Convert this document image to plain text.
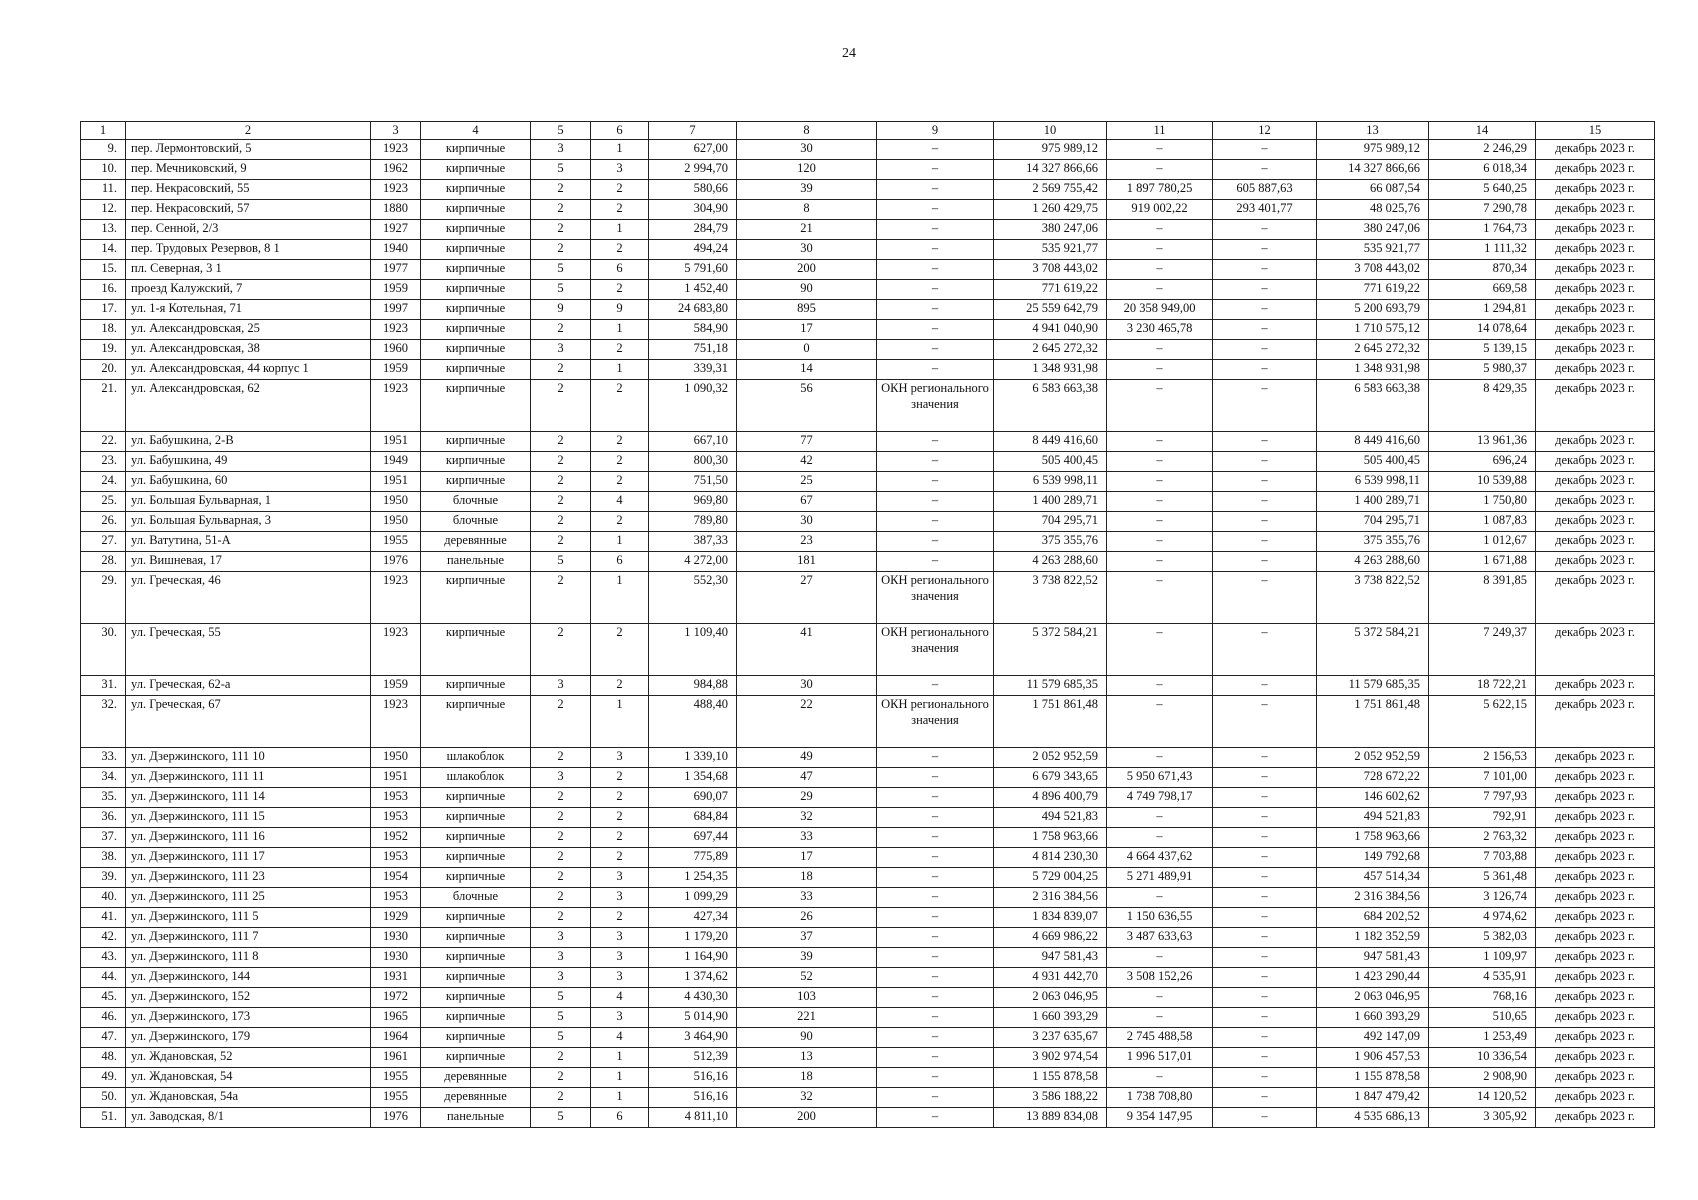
24
1	2	3	4	5	6	7	8	9	10	11	12	13	14	15
9.	пер. Лермонтовский, 5	1923	кирпичные	3	1	627,00	30	–	975 989,12	–	–	975 989,12	2 246,29	декабрь 2023 г.
10.	пер. Мечниковский, 9	1962	кирпичные	5	3	2 994,70	120	–	14 327 866,66	–	–	14 327 866,66	6 018,34	декабрь 2023 г.
11.	пер. Некрасовский, 55	1923	кирпичные	2	2	580,66	39	–	2 569 755,42	1 897 780,25	605 887,63	66 087,54	5 640,25	декабрь 2023 г.
12.	пер. Некрасовский, 57	1880	кирпичные	2	2	304,90	8	–	1 260 429,75	919 002,22	293 401,77	48 025,76	7 290,78	декабрь 2023 г.
13.	пер. Сенной, 2/3	1927	кирпичные	2	1	284,79	21	–	380 247,06	–	–	380 247,06	1 764,73	декабрь 2023 г.
14.	пер. Трудовых Резервов, 8 1	1940	кирпичные	2	2	494,24	30	–	535 921,77	–	–	535 921,77	1 111,32	декабрь 2023 г.
15.	пл. Северная, 3 1	1977	кирпичные	5	6	5 791,60	200	–	3 708 443,02	–	–	3 708 443,02	870,34	декабрь 2023 г.
16.	проезд Калужский, 7	1959	кирпичные	5	2	1 452,40	90	–	771 619,22	–	–	771 619,22	669,58	декабрь 2023 г.
17.	ул. 1-я Котельная, 71	1997	кирпичные	9	9	24 683,80	895	–	25 559 642,79	20 358 949,00	–	5 200 693,79	1 294,81	декабрь 2023 г.
18.	ул. Александровская, 25	1923	кирпичные	2	1	584,90	17	–	4 941 040,90	3 230 465,78	–	1 710 575,12	14 078,64	декабрь 2023 г.
19.	ул. Александровская, 38	1960	кирпичные	3	2	751,18	0	–	2 645 272,32	–	–	2 645 272,32	5 139,15	декабрь 2023 г.
20.	ул. Александровская, 44 корпус 1	1959	кирпичные	2	1	339,31	14	–	1 348 931,98	–	–	1 348 931,98	5 980,37	декабрь 2023 г.
21.	ул. Александровская, 62	1923	кирпичные	2	2	1 090,32	56	ОКН регионального значения	6 583 663,38	–	–	6 583 663,38	8 429,35	декабрь 2023 г.
22.	ул. Бабушкина, 2-В	1951	кирпичные	2	2	667,10	77	–	8 449 416,60	–	–	8 449 416,60	13 961,36	декабрь 2023 г.
23.	ул. Бабушкина, 49	1949	кирпичные	2	2	800,30	42	–	505 400,45	–	–	505 400,45	696,24	декабрь 2023 г.
24.	ул. Бабушкина, 60	1951	кирпичные	2	2	751,50	25	–	6 539 998,11	–	–	6 539 998,11	10 539,88	декабрь 2023 г.
25.	ул. Большая Бульварная, 1	1950	блочные	2	4	969,80	67	–	1 400 289,71	–	–	1 400 289,71	1 750,80	декабрь 2023 г.
26.	ул. Большая Бульварная, 3	1950	блочные	2	2	789,80	30	–	704 295,71	–	–	704 295,71	1 087,83	декабрь 2023 г.
27.	ул. Ватутина, 51-А	1955	деревянные	2	1	387,33	23	–	375 355,76	–	–	375 355,76	1 012,67	декабрь 2023 г.
28.	ул. Вишневая, 17	1976	панельные	5	6	4 272,00	181	–	4 263 288,60	–	–	4 263 288,60	1 671,88	декабрь 2023 г.
29.	ул. Греческая, 46	1923	кирпичные	2	1	552,30	27	ОКН регионального значения	3 738 822,52	–	–	3 738 822,52	8 391,85	декабрь 2023 г.
30.	ул. Греческая, 55	1923	кирпичные	2	2	1 109,40	41	ОКН регионального значения	5 372 584,21	–	–	5 372 584,21	7 249,37	декабрь 2023 г.
31.	ул. Греческая, 62-а	1959	кирпичные	3	2	984,88	30	–	11 579 685,35	–	–	11 579 685,35	18 722,21	декабрь 2023 г.
32.	ул. Греческая, 67	1923	кирпичные	2	1	488,40	22	ОКН регионального значения	1 751 861,48	–	–	1 751 861,48	5 622,15	декабрь 2023 г.
33.	ул. Дзержинского, 111 10	1950	шлакоблок	2	3	1 339,10	49	–	2 052 952,59	–	–	2 052 952,59	2 156,53	декабрь 2023 г.
34.	ул. Дзержинского, 111 11	1951	шлакоблок	3	2	1 354,68	47	–	6 679 343,65	5 950 671,43	–	728 672,22	7 101,00	декабрь 2023 г.
35.	ул. Дзержинского, 111 14	1953	кирпичные	2	2	690,07	29	–	4 896 400,79	4 749 798,17	–	146 602,62	7 797,93	декабрь 2023 г.
36.	ул. Дзержинского, 111 15	1953	кирпичные	2	2	684,84	32	–	494 521,83	–	–	494 521,83	792,91	декабрь 2023 г.
37.	ул. Дзержинского, 111 16	1952	кирпичные	2	2	697,44	33	–	1 758 963,66	–	–	1 758 963,66	2 763,32	декабрь 2023 г.
38.	ул. Дзержинского, 111 17	1953	кирпичные	2	2	775,89	17	–	4 814 230,30	4 664 437,62	–	149 792,68	7 703,88	декабрь 2023 г.
39.	ул. Дзержинского, 111 23	1954	кирпичные	2	3	1 254,35	18	–	5 729 004,25	5 271 489,91	–	457 514,34	5 361,48	декабрь 2023 г.
40.	ул. Дзержинского, 111 25	1953	блочные	2	3	1 099,29	33	–	2 316 384,56	–	–	2 316 384,56	3 126,74	декабрь 2023 г.
41.	ул. Дзержинского, 111 5	1929	кирпичные	2	2	427,34	26	–	1 834 839,07	1 150 636,55	–	684 202,52	4 974,62	декабрь 2023 г.
42.	ул. Дзержинского, 111 7	1930	кирпичные	3	3	1 179,20	37	–	4 669 986,22	3 487 633,63	–	1 182 352,59	5 382,03	декабрь 2023 г.
43.	ул. Дзержинского, 111 8	1930	кирпичные	3	3	1 164,90	39	–	947 581,43	–	–	947 581,43	1 109,97	декабрь 2023 г.
44.	ул. Дзержинского, 144	1931	кирпичные	3	3	1 374,62	52	–	4 931 442,70	3 508 152,26	–	1 423 290,44	4 535,91	декабрь 2023 г.
45.	ул. Дзержинского, 152	1972	кирпичные	5	4	4 430,30	103	–	2 063 046,95	–	–	2 063 046,95	768,16	декабрь 2023 г.
46.	ул. Дзержинского, 173	1965	кирпичные	5	3	5 014,90	221	–	1 660 393,29	–	–	1 660 393,29	510,65	декабрь 2023 г.
47.	ул. Дзержинского, 179	1964	кирпичные	5	4	3 464,90	90	–	3 237 635,67	2 745 488,58	–	492 147,09	1 253,49	декабрь 2023 г.
48.	ул. Ждановская, 52	1961	кирпичные	2	1	512,39	13	–	3 902 974,54	1 996 517,01	–	1 906 457,53	10 336,54	декабрь 2023 г.
49.	ул. Ждановская, 54	1955	деревянные	2	1	516,16	18	–	1 155 878,58	–	–	1 155 878,58	2 908,90	декабрь 2023 г.
50.	ул. Ждановская, 54а	1955	деревянные	2	1	516,16	32	–	3 586 188,22	1 738 708,80	–	1 847 479,42	14 120,52	декабрь 2023 г.
51.	ул. Заводская, 8/1	1976	панельные	5	6	4 811,10	200	–	13 889 834,08	9 354 147,95	–	4 535 686,13	3 305,92	декабрь 2023 г.
